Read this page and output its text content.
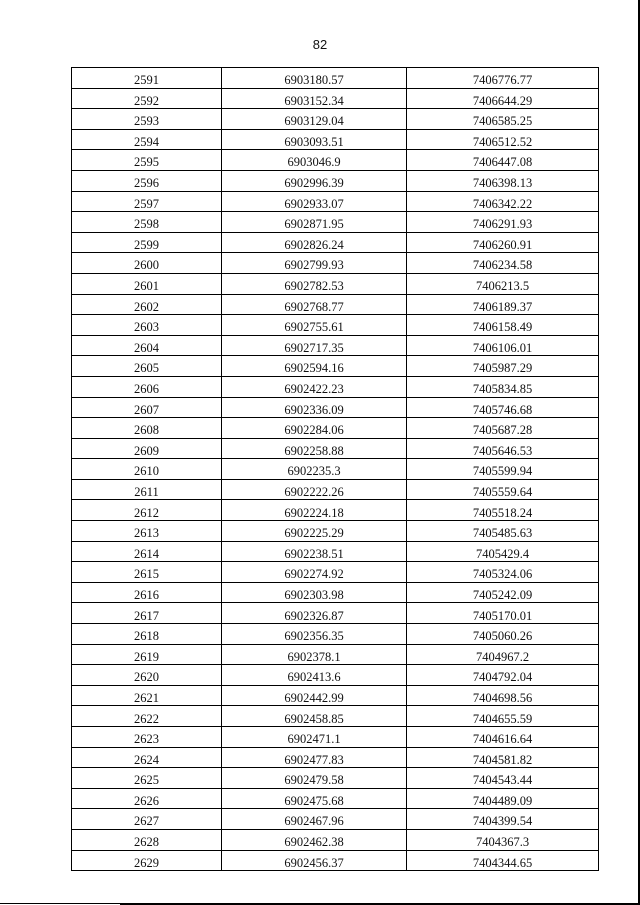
82
2591	6903180.57	7406776.77
2592	6903152.34	7406644.29
2593	6903129.04	7406585.25
2594	6903093.51	7406512.52
2595	6903046.9	7406447.08
2596	6902996.39	7406398.13
2597	6902933.07	7406342.22
2598	6902871.95	7406291.93
2599	6902826.24	7406260.91
2600	6902799.93	7406234.58
2601	6902782.53	7406213.5
2602	6902768.77	7406189.37
2603	6902755.61	7406158.49
2604	6902717.35	7406106.01
2605	6902594.16	7405987.29
2606	6902422.23	7405834.85
2607	6902336.09	7405746.68
2608	6902284.06	7405687.28
2609	6902258.88	7405646.53
2610	6902235.3	7405599.94
2611	6902222.26	7405559.64
2612	6902224.18	7405518.24
2613	6902225.29	7405485.63
2614	6902238.51	7405429.4
2615	6902274.92	7405324.06
2616	6902303.98	7405242.09
2617	6902326.87	7405170.01
2618	6902356.35	7405060.26
2619	6902378.1	7404967.2
2620	6902413.6	7404792.04
2621	6902442.99	7404698.56
2622	6902458.85	7404655.59
2623	6902471.1	7404616.64
2624	6902477.83	7404581.82
2625	6902479.58	7404543.44
2626	6902475.68	7404489.09
2627	6902467.96	7404399.54
2628	6902462.38	7404367.3
2629	6902456.37	7404344.65
